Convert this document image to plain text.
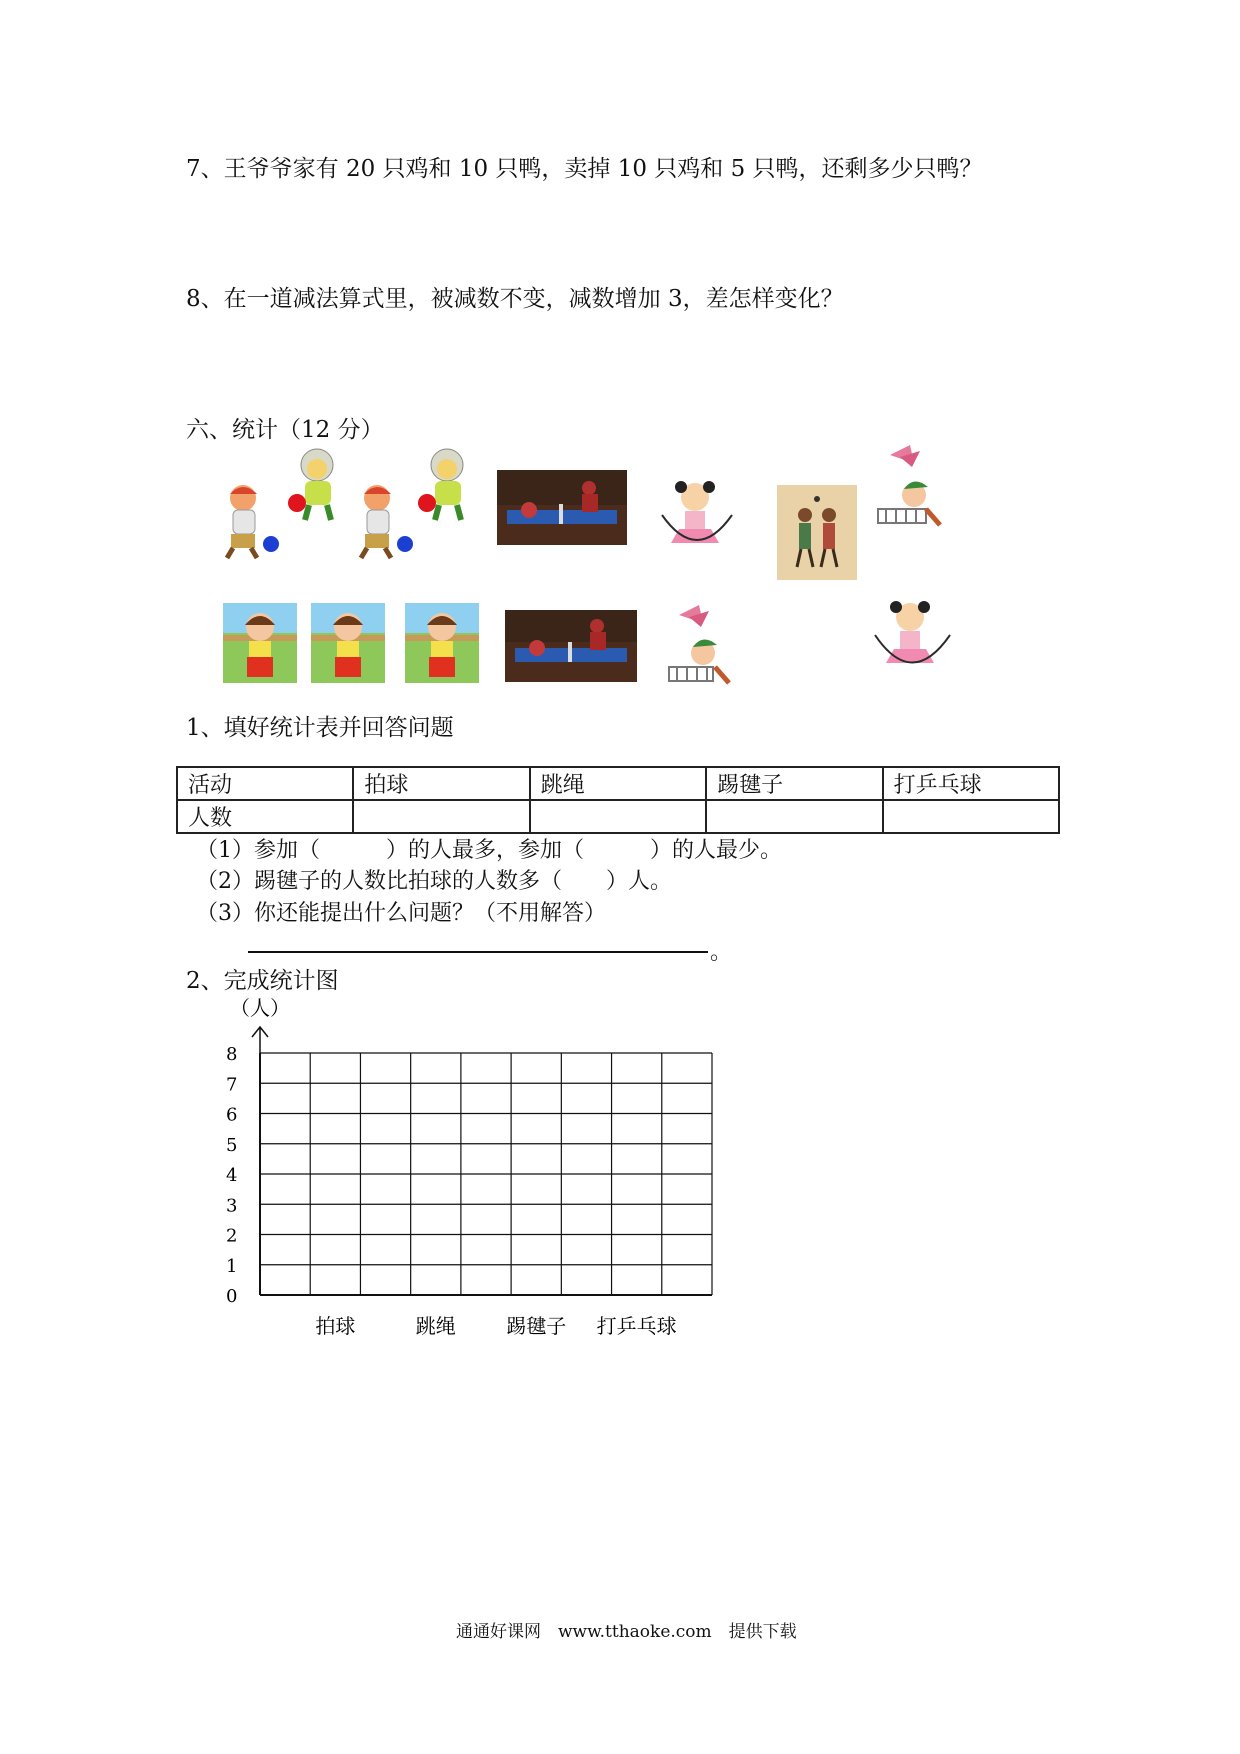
7、王爷爷家有 20 只鸡和 10 只鸭，卖掉 10 只鸡和 5 只鸭，还剩多少只鸭？
8、在一道减法算式里，被减数不变，减数增加 3，差怎样变化？
六、统计（12 分）
1、填好统计表并回答问题
活动	拍球	跳绳	踢毽子	打乒乓球
人数				
（1）参加（　　　）的人最多，参加（　　　）的人最少。
（2）踢毽子的人数比拍球的人数多（　　）人。
（3）你还能提出什么问题？（不用解答）
。
2、完成统计图
（人）
0
1
2
3
4
5
6
7
8
拍球	跳绳	踢毽子 打乒乓球
通通好课网　www.tthaoke.com　提供下载
